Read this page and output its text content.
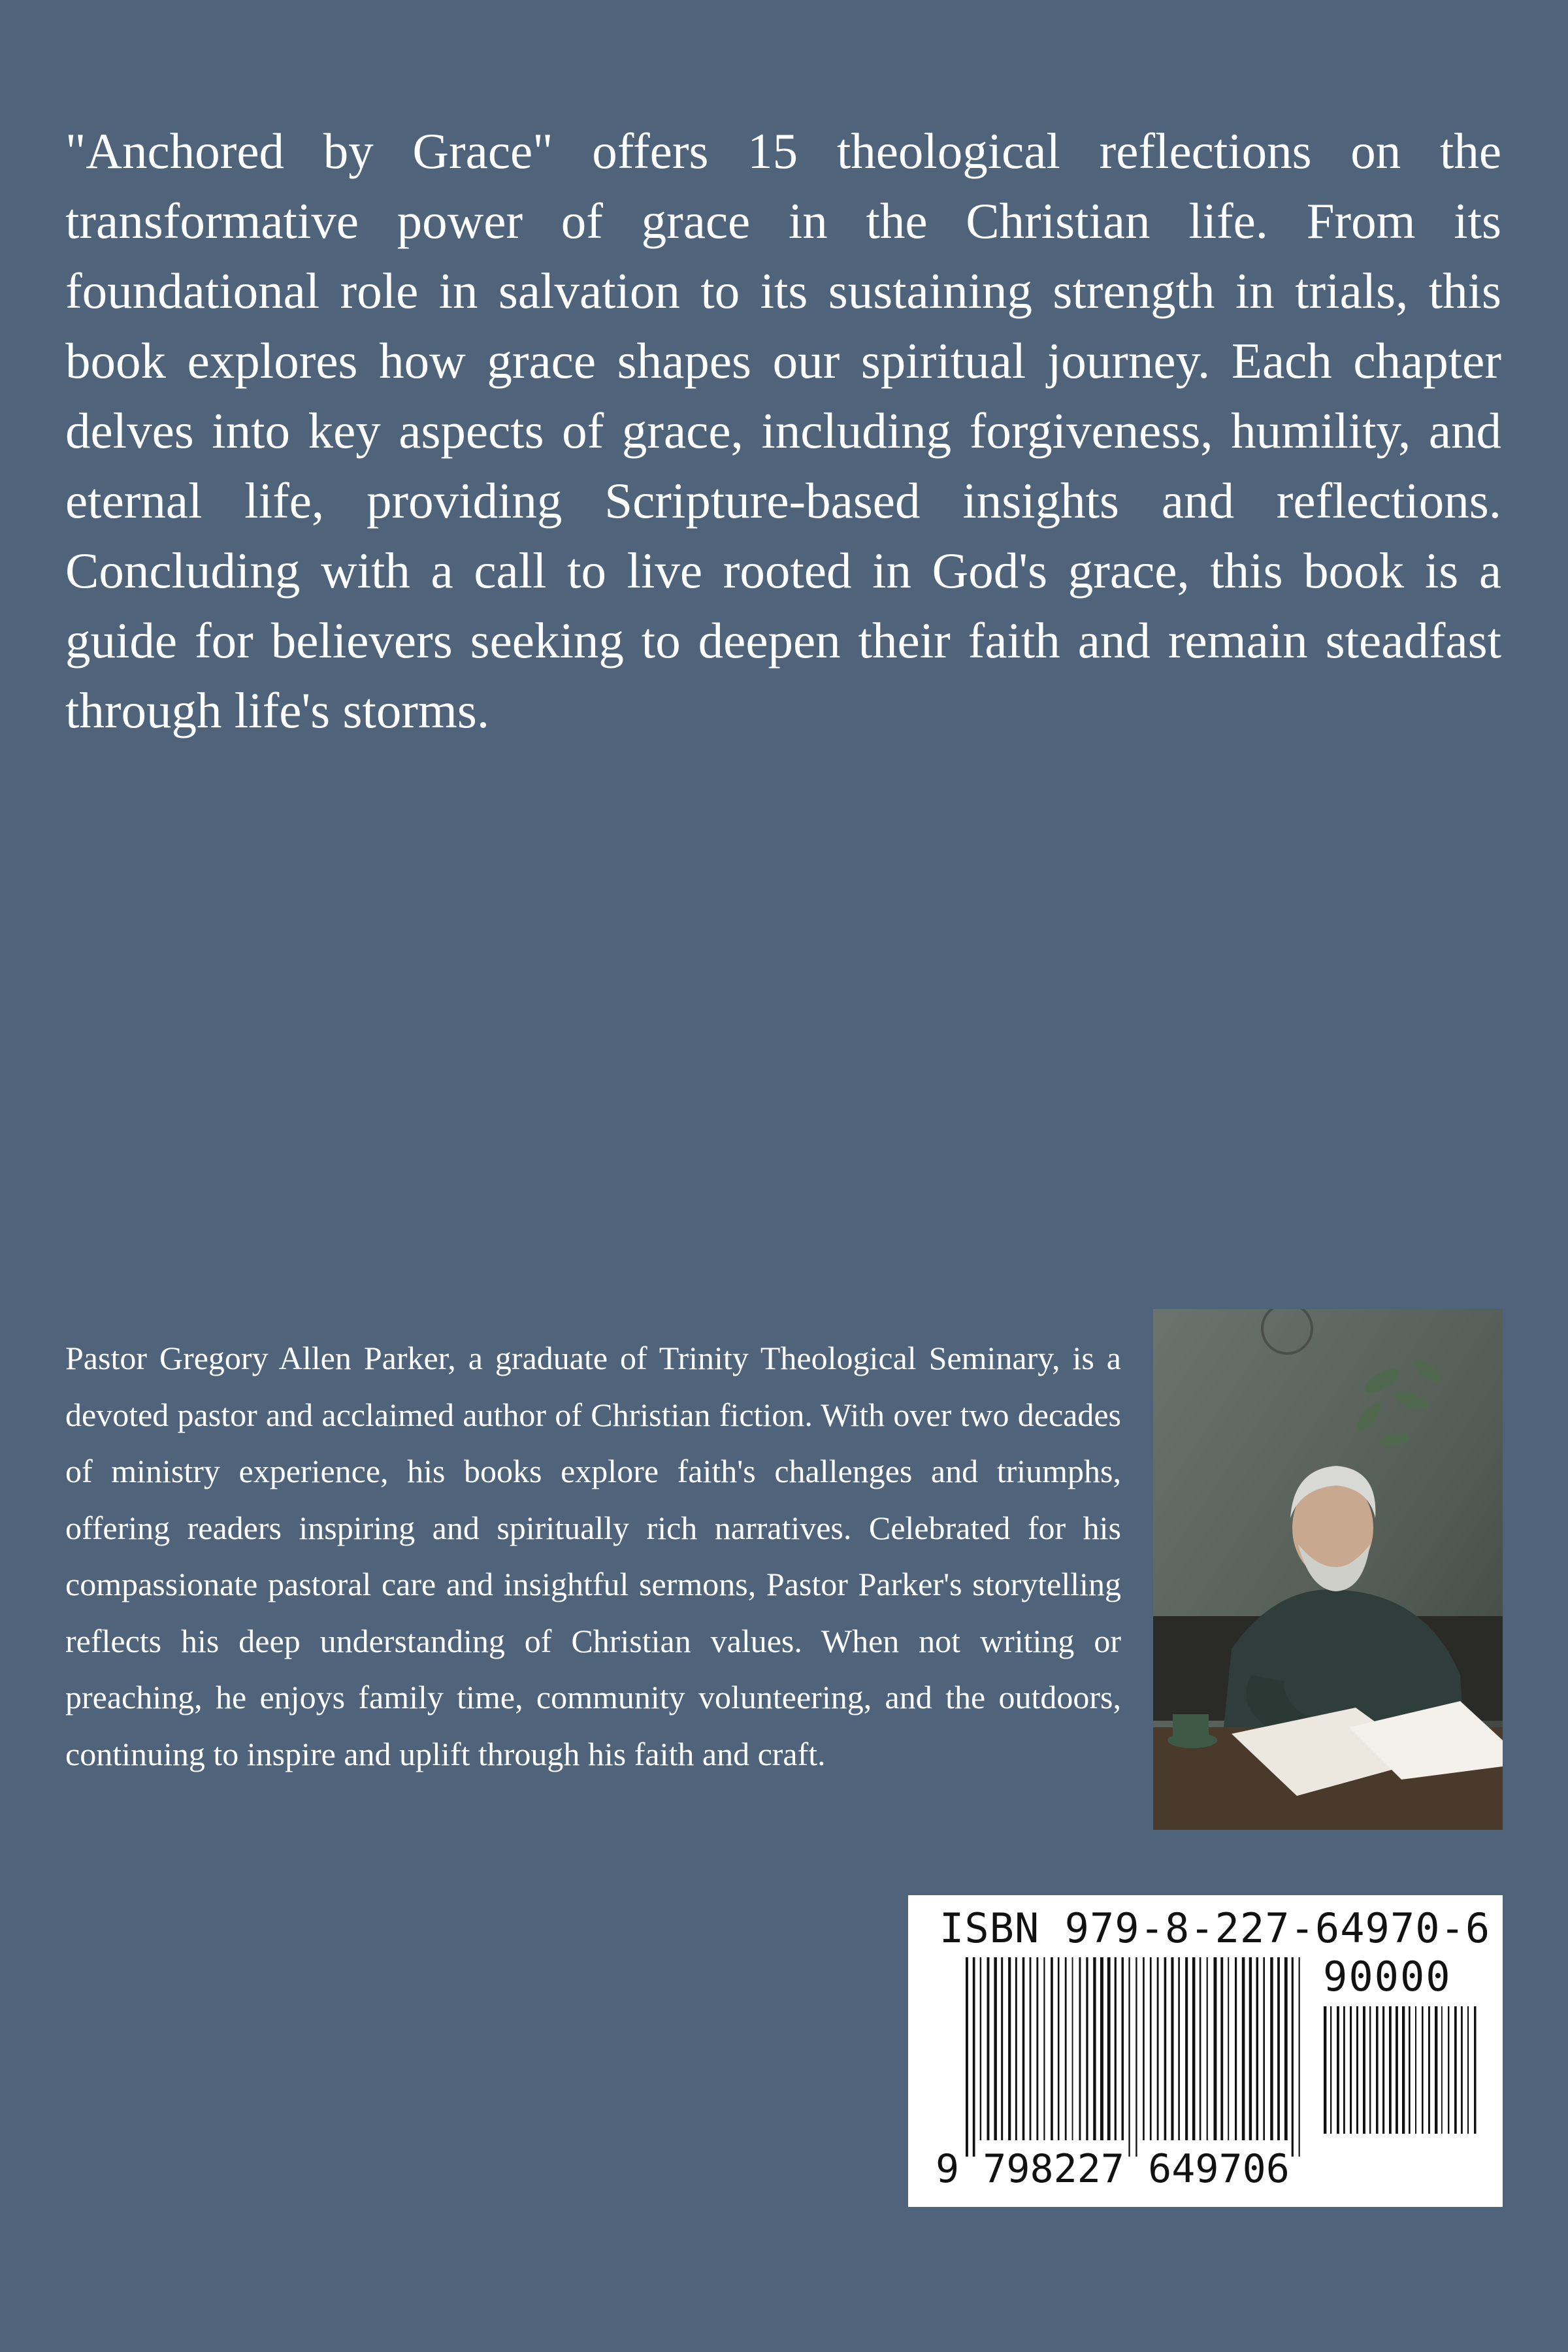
"Anchored by Grace" offers 15 theological reflections on the transformative power of grace in the Christian life. From its foundational role in salvation to its sustaining strength in trials, this book explores how grace shapes our spiritual journey. Each chapter delves into key aspects of grace, including forgiveness, humility, and eternal life, providing Scripture-based insights and reflections. Concluding with a call to live rooted in God's grace, this book is a guide for believers seeking to deepen their faith and remain steadfast through life's storms.

Pastor Gregory Allen Parker, a graduate of Trinity Theological Seminary, is a devoted pastor and acclaimed author of Christian fiction. With over two decades of ministry experience, his books explore faith's challenges and triumphs, offering readers inspiring and spiritually rich narratives. Celebrated for his compassionate pastoral care and insightful sermons, Pastor Parker's storytelling reflects his deep understanding of Christian values. When not writing or preaching, he enjoys family time, community volunteering, and the outdoors, continuing to inspire and uplift through his faith and craft.

ISBN 979-8-227-64970-6
90000
9 798227 649706
